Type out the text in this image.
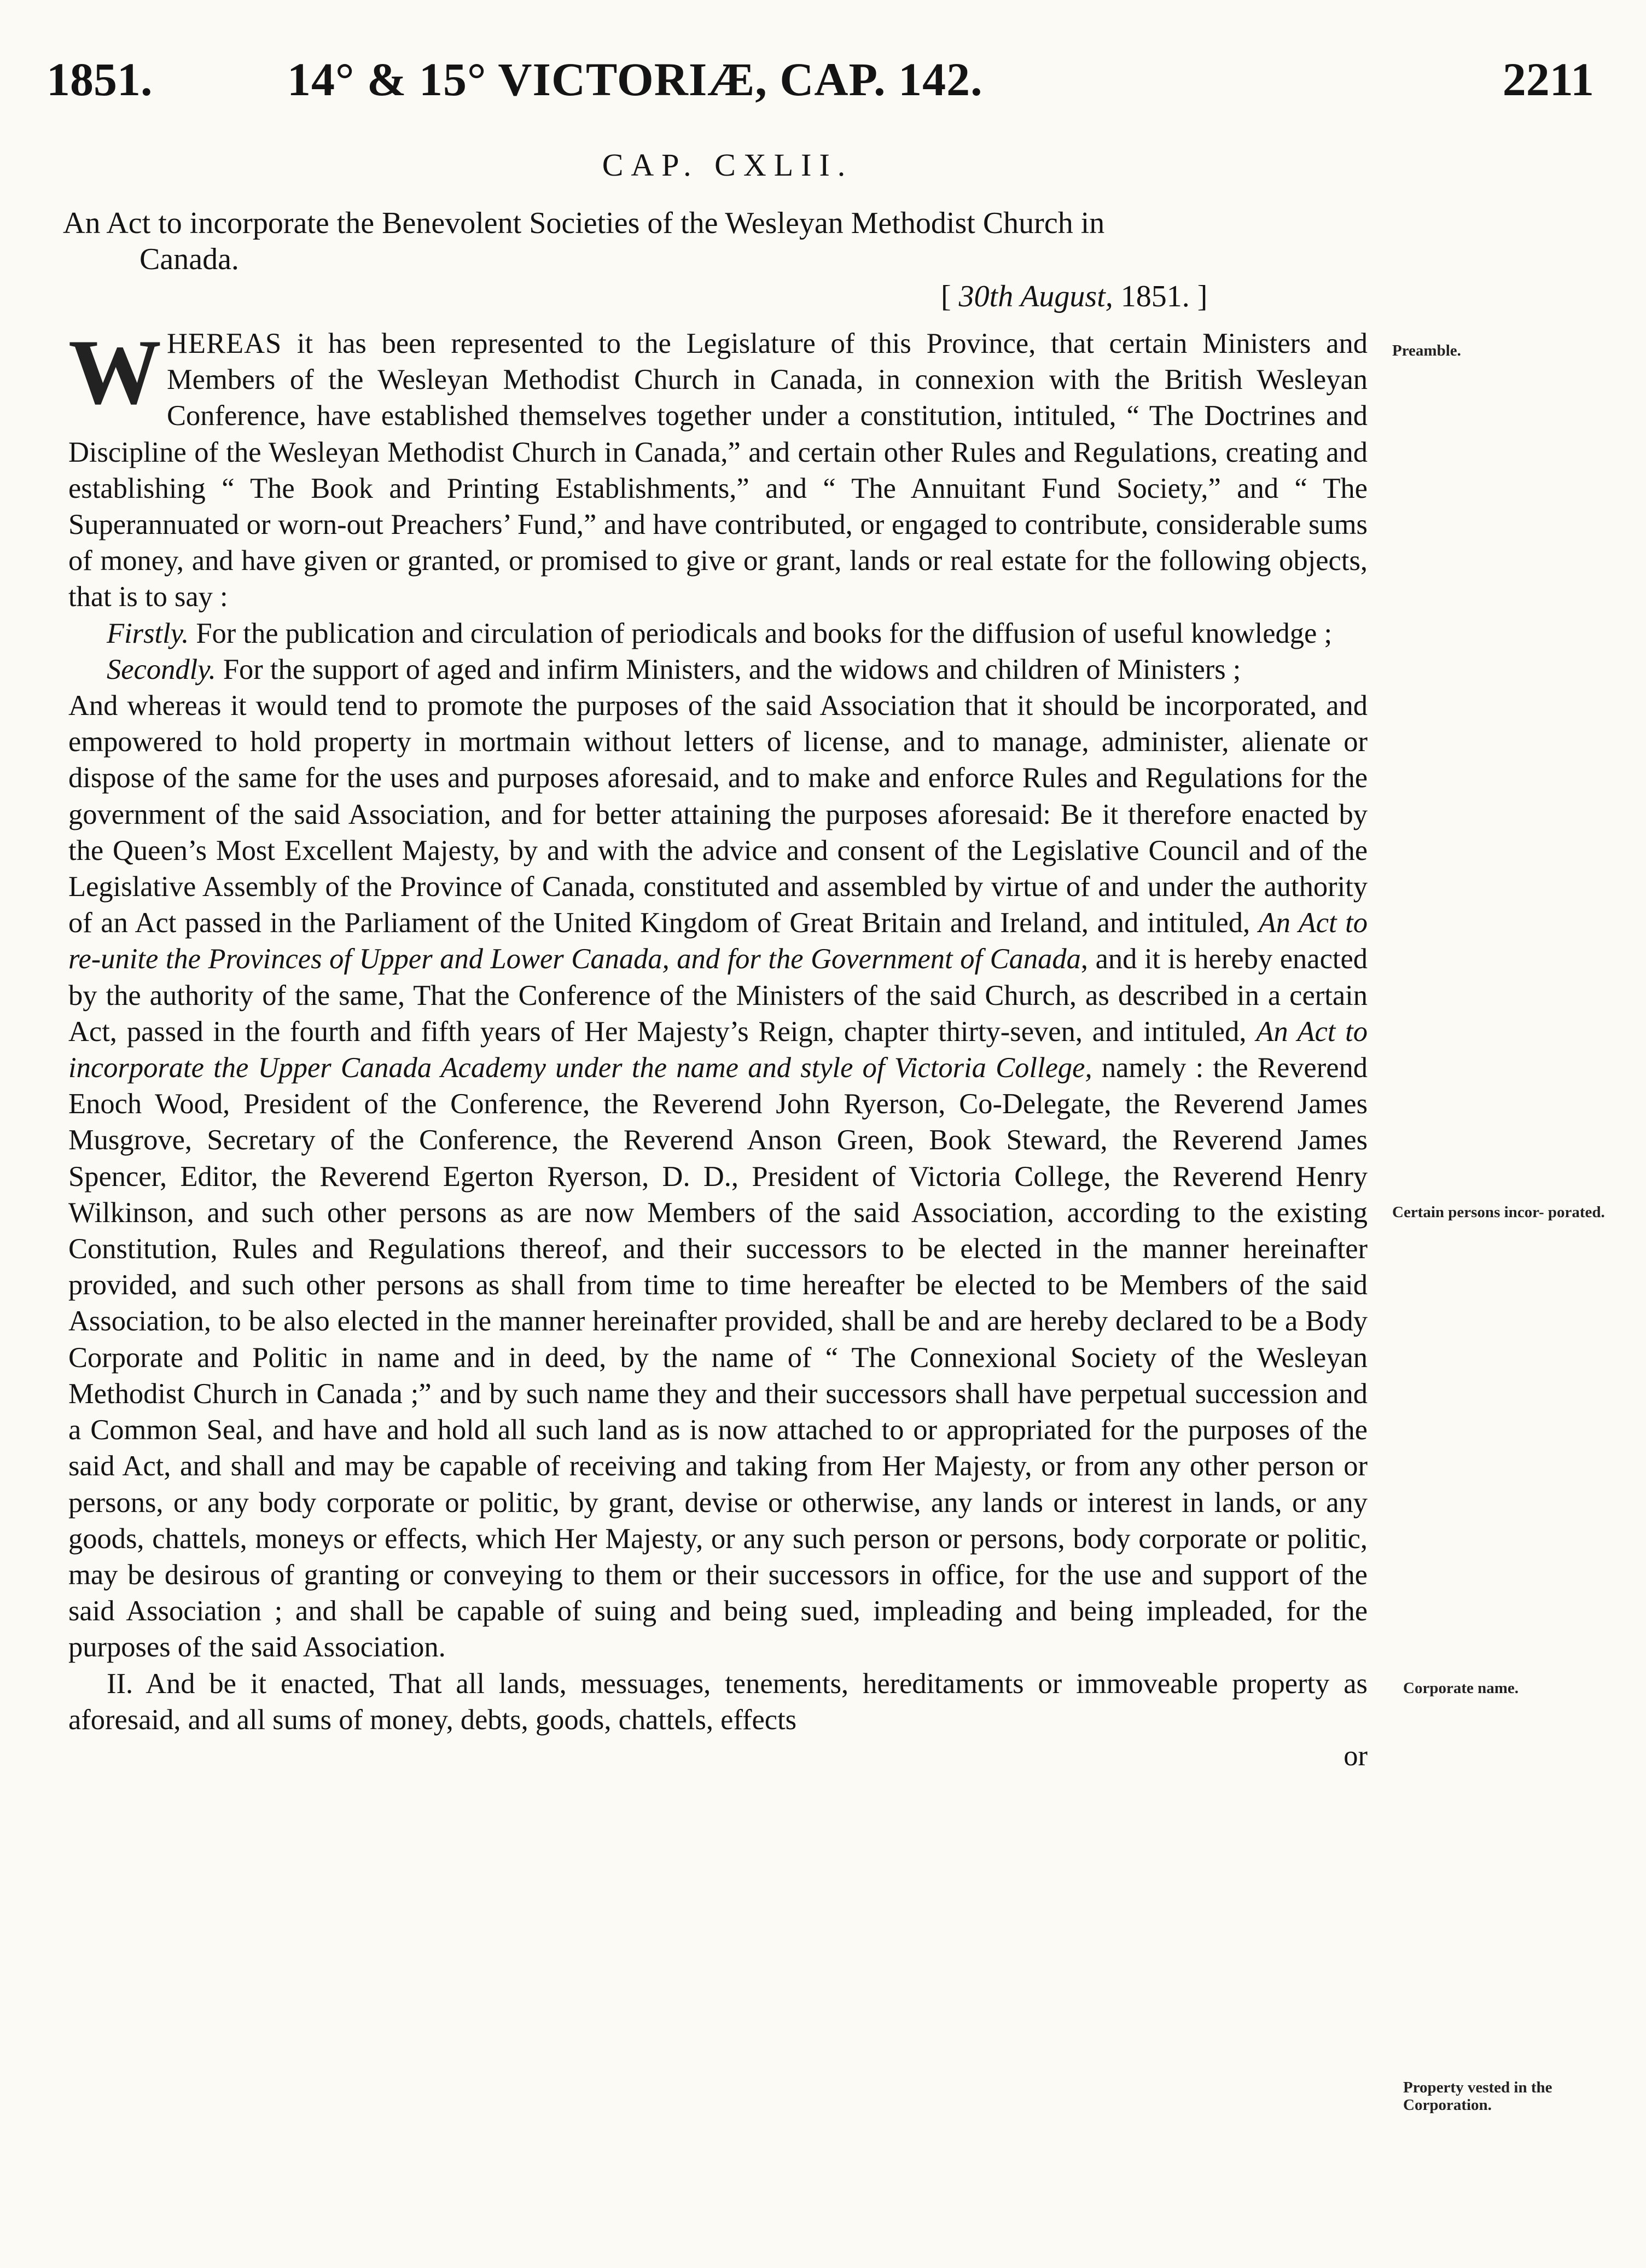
1851.	14° & 15° VICTORIÆ, CAP. 142.	2211
CAP. CXLII.
An Act to incorporate the Benevolent Societies of the Wesleyan Methodist Church in
Canada.
[ 30th August, 1851. ]

WHEREAS it has been represented to the Legislature of this Province, that certain Ministers and Members of the Wesleyan Methodist Church in Canada, in connexion with the British Wesleyan Conference, have established themselves together under a constitution, intituled, “ The Doctrines and Discipline of the Wesleyan Methodist Church in Canada,” and certain other Rules and Regulations, creating and establishing “ The Book and Printing Establishments,” and “ The Annuitant Fund Society,” and “ The Superannuated or worn-out Preachers’ Fund,” and have contributed, or engaged to contribute, considerable sums of money, and have given or granted, or promised to give or grant, lands or real estate for the following objects, that is to say :

Firstly. For the publication and circulation of periodicals and books for the diffusion of useful knowledge ;

Secondly. For the support of aged and infirm Ministers, and the widows and children of Ministers ;

And whereas it would tend to promote the purposes of the said Association that it should be incorporated, and empowered to hold property in mortmain without letters of license, and to manage, administer, alienate or dispose of the same for the uses and purposes aforesaid, and to make and enforce Rules and Regulations for the government of the said Association, and for better attaining the purposes aforesaid: Be it therefore enacted by the Queen’s Most Excellent Majesty, by and with the advice and consent of the Legislative Council and of the Legislative Assembly of the Province of Canada, constituted and assembled by virtue of and under the authority of an Act passed in the Parliament of the United Kingdom of Great Britain and Ireland, and intituled, An Act to re-unite the Provinces of Upper and Lower Canada, and for the Government of Canada, and it is hereby enacted by the authority of the same, That the Conference of the Ministers of the said Church, as described in a certain Act, passed in the fourth and fifth years of Her Majesty’s Reign, chapter thirty-seven, and intituled, An Act to incorporate the Upper Canada Academy under the name and style of Victoria College, namely : the Reverend Enoch Wood, President of the Conference, the Reverend John Ryerson, Co-Delegate, the Reverend James Musgrove, Secretary of the Conference, the Reverend Anson Green, Book Steward, the Reverend James Spencer, Editor, the Reverend Egerton Ryerson, D. D., President of Victoria College, the Reverend Henry Wilkinson, and such other persons as are now Members of the said Association, according to the existing Constitution, Rules and Regulations thereof, and their successors to be elected in the manner hereinafter provided, and such other persons as shall from time to time hereafter be elected to be Members of the said Association, to be also elected in the manner hereinafter provided, shall be and are hereby declared to be a Body Corporate and Politic in name and in deed, by the name of “ The Connexional Society of the Wesleyan Methodist Church in Canada ;” and by such name they and their successors shall have perpetual succession and a Common Seal, and have and hold all such land as is now attached to or appropriated for the purposes of the said Act, and shall and may be capable of receiving and taking from Her Majesty, or from any other person or persons, or any body corporate or politic, by grant, devise or otherwise, any lands or interest in lands, or any goods, chattels, moneys or effects, which Her Majesty, or any such person or persons, body corporate or politic, may be desirous of granting or conveying to them or their successors in office, for the use and support of the said Association ; and shall be capable of suing and being sued, impleading and being impleaded, for the purposes of the said Association.

II. And be it enacted, That all lands, messuages, tenements, hereditaments or immoveable property as aforesaid, and all sums of money, debts, goods, chattels, effects

or

Preamble.
Certain persons incor- porated.
Corporate name.
Property vested in the Corporation.
